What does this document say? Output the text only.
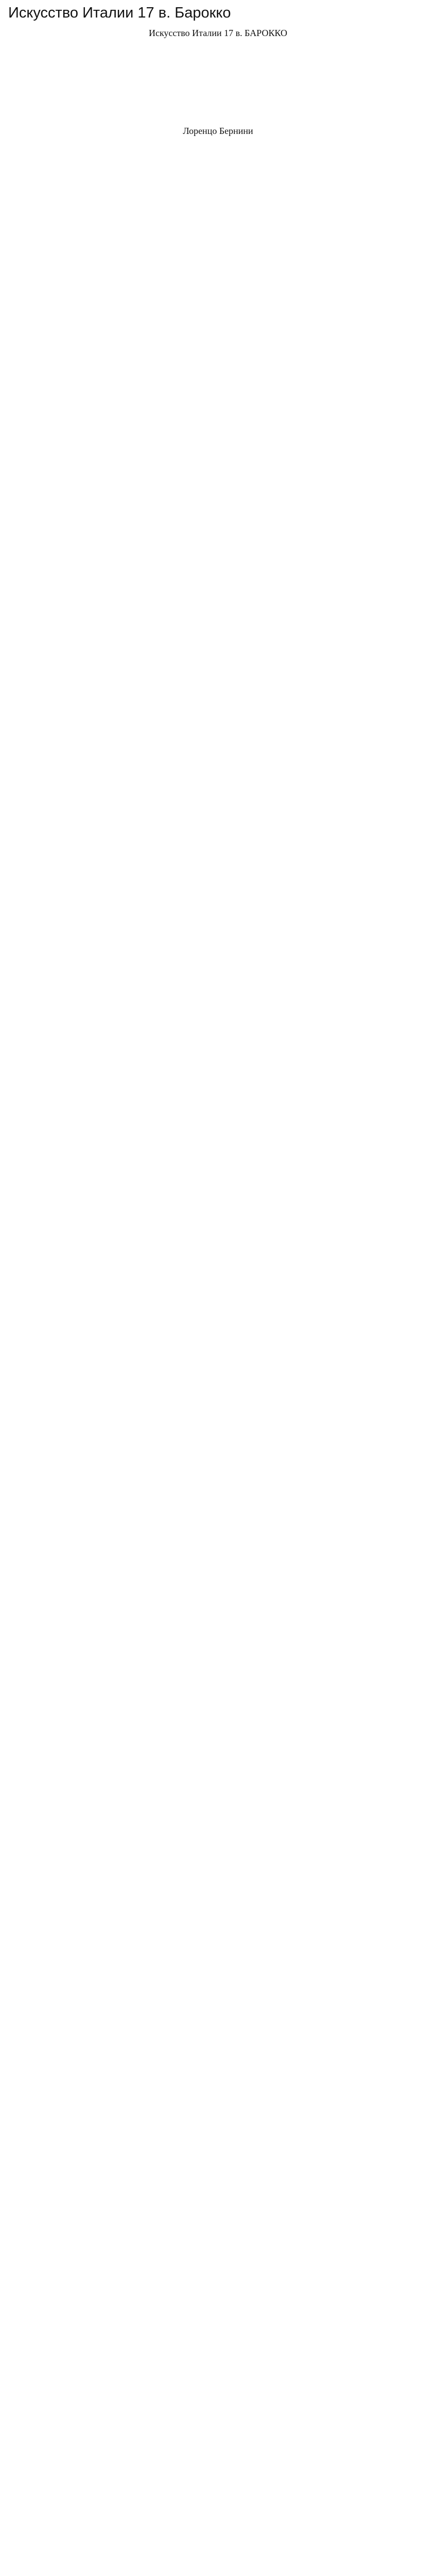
Искусство Италии 17 в. Барокко
Искусство Италии 17 в. БАРОККО
Лоренцо Бернини
